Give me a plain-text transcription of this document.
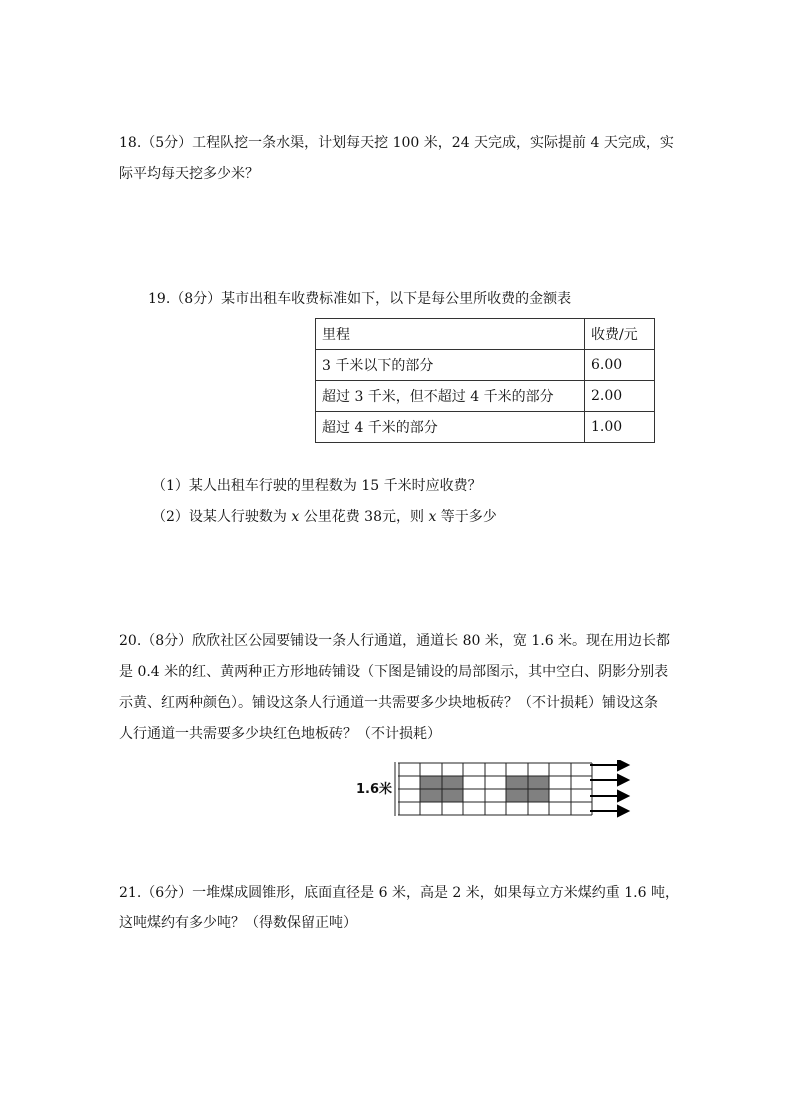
18.（5分）工程队挖一条水渠，计划每天挖 100 米，24 天完成，实际提前 4 天完成，实
际平均每天挖多少米？
19.（8分）某市出租车收费标准如下，以下是每公里所收费的金额表
里程	收费/元
3 千米以下的部分	6.00
超过 3 千米，但不超过 4 千米的部分	2.00
超过 4 千米的部分	1.00
（1）某人出租车行驶的里程数为 15 千米时应收费？
（2）设某人行驶数为 x 公里花费 38元，则 x 等于多少
20.（8分）欣欣社区公园要铺设一条人行通道，通道长 80 米，宽 1.6 米。现在用边长都
是 0.4 米的红、黄两种正方形地砖铺设（下图是铺设的局部图示，其中空白、阴影分别表
示黄、红两种颜色）。铺设这条人行通道一共需要多少块地板砖？（不计损耗）铺设这条
人行通道一共需要多少块红色地板砖？（不计损耗）
1.6米
21.（6分）一堆煤成圆锥形，底面直径是 6 米，高是 2 米，如果每立方米煤约重 1.6 吨，
这吨煤约有多少吨？（得数保留正吨）
